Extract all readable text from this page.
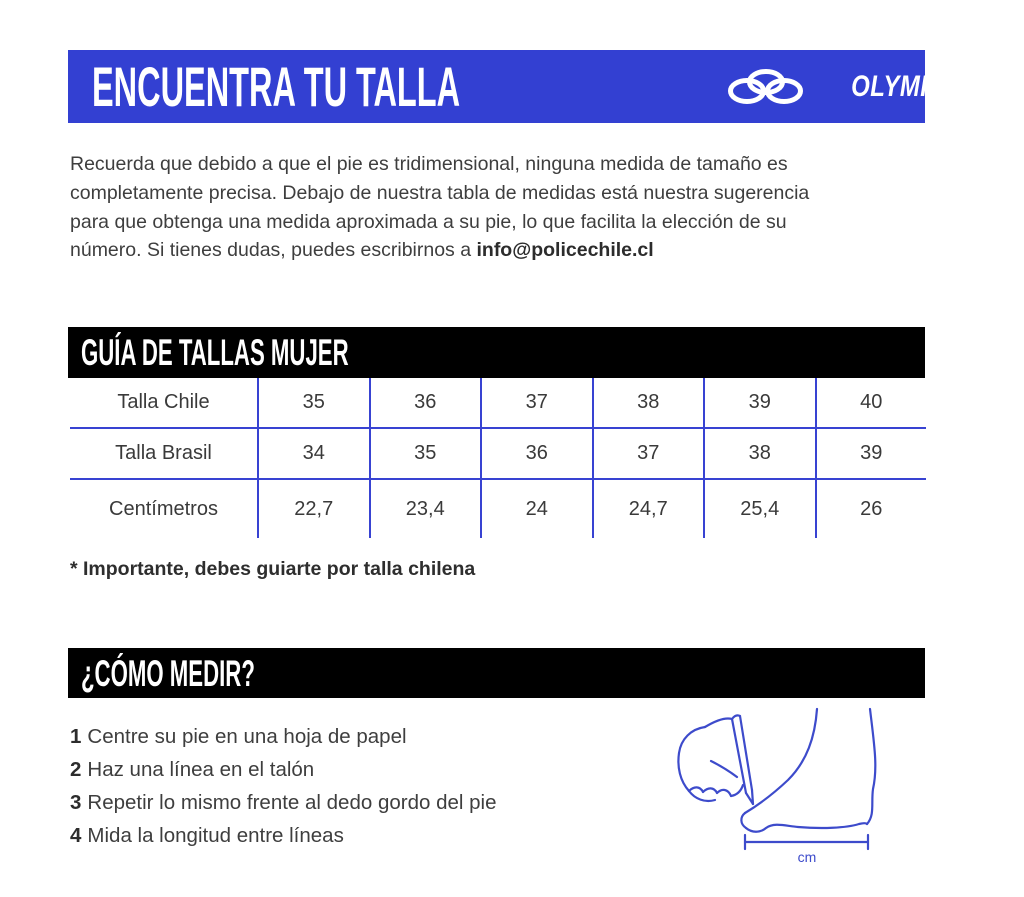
ENCUENTRA TU TALLA	OLYMPIKUS
Recuerda que debido a que el pie es tridimensional, ninguna medida de tamaño es
completamente precisa. Debajo de nuestra tabla de medidas está nuestra sugerencia
para que obtenga una medida aproximada a su pie, lo que facilita la elección de su
número. Si tienes dudas, puedes escribirnos a info@policechile.cl
GUÍA DE TALLAS MUJER
Talla Chile	35	36	37	38	39	40
Talla Brasil	34	35	36	37	38	39
Centímetros	22,7	23,4	24	24,7	25,4	26
* Importante, debes guiarte por talla chilena
¿CÓMO MEDIR?
1 Centre su pie en una hoja de papel
2 Haz una línea en el talón
3 Repetir lo mismo frente al dedo gordo del pie
4 Mida la longitud entre líneas
cm
